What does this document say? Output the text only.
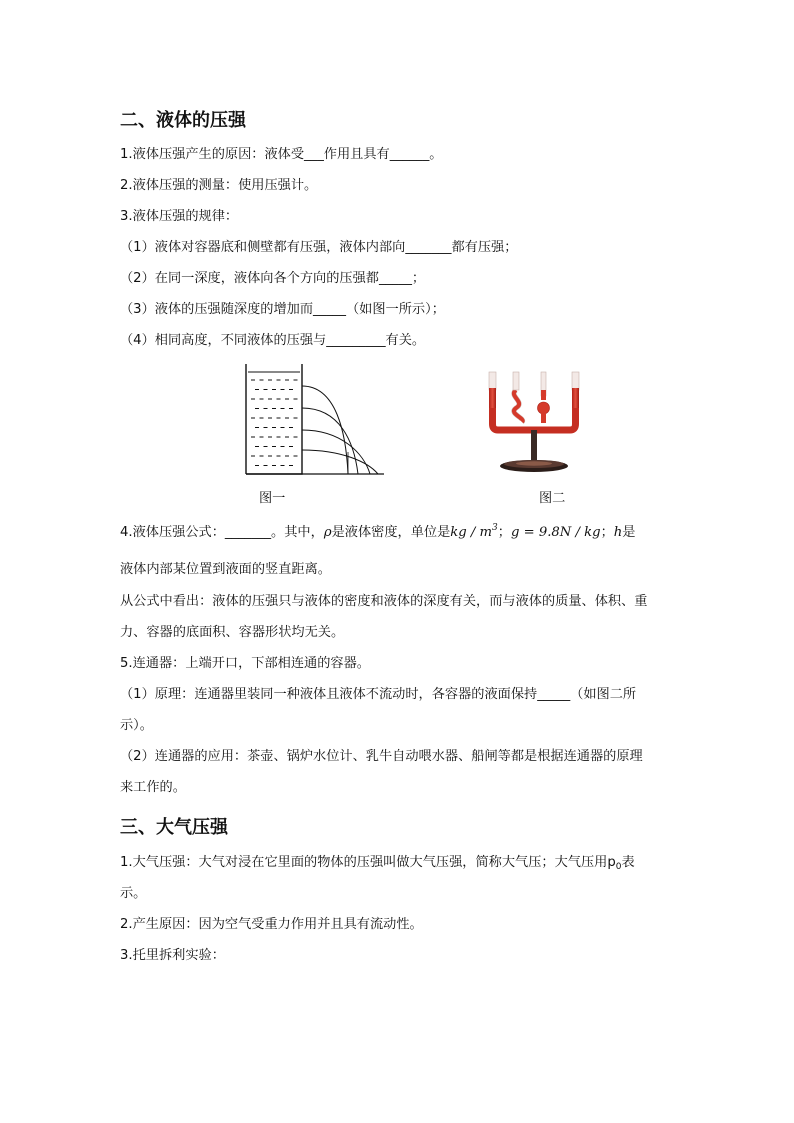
二、液体的压强
1.液体压强产生的原因：液体受___作用且具有______。
2.液体压强的测量：使用压强计。
3.液体压强的规律：
（1）液体对容器底和侧壁都有压强，液体内部向_______都有压强；
（2）在同一深度，液体向各个方向的压强都_____；
（3）液体的压强随深度的增加而_____（如图一所示）；
（4）相同高度，不同液体的压强与_________有关。
图一	图二
4.液体压强公式：_______。其中，ρ是液体密度，单位是kg / $m^3$；g = 9.8N / kg；h是
液体内部某位置到液面的竖直距离。
从公式中看出：液体的压强只与液体的密度和液体的深度有关，而与液体的质量、体积、重
力、容器的底面积、容器形状均无关。
5.连通器：上端开口，下部相连通的容器。
（1）原理：连通器里装同一种液体且液体不流动时，各容器的液面保持_____（如图二所
示）。
（2）连通器的应用：茶壶、锅炉水位计、乳牛自动喂水器、船闸等都是根据连通器的原理
来工作的。
三、大气压强
1.大气压强：大气对浸在它里面的物体的压强叫做大气压强，简称大气压；大气压用$p_0$表
示。
2.产生原因：因为空气受重力作用并且具有流动性。
3.托里拆利实验：
